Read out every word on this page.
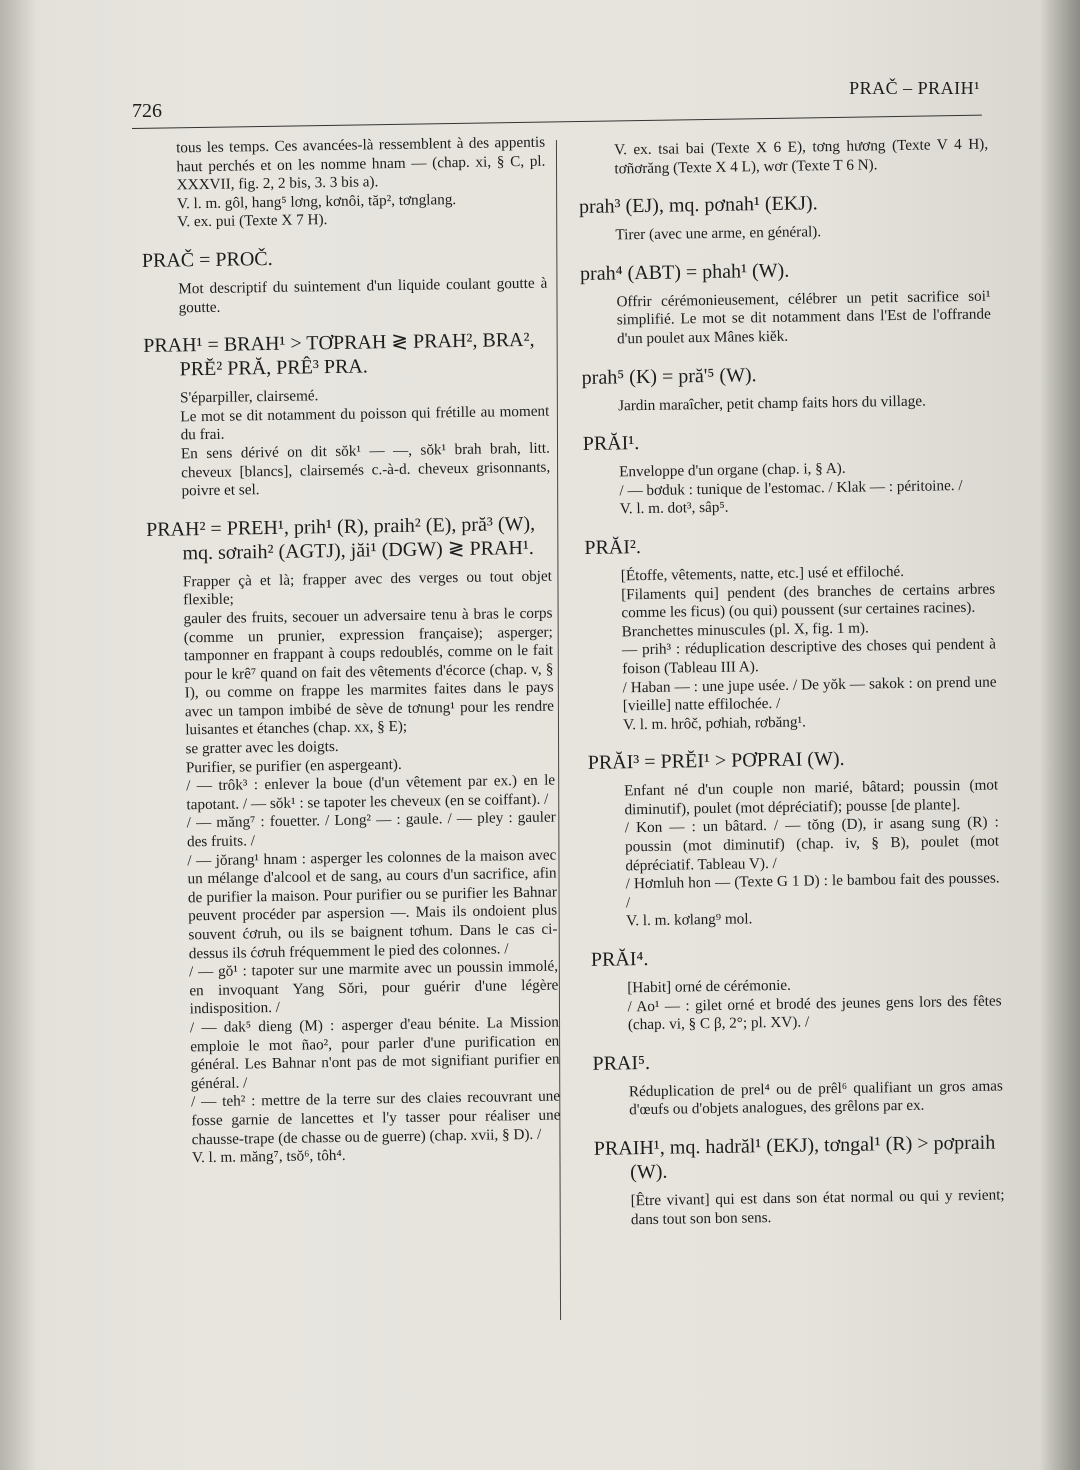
726
PRAČ – PRAIH¹

tous les temps. Ces avancées-là ressemblent à des appentis haut perchés et on les nomme hnam — (chap. xi, § C, pl. XXXVII, fig. 2, 2 bis, 3. 3 bis a).

V. l. m. gôl, hang⁵ lơng, kơnôi, tăp², tơnglang.

V. ex. pui (Texte X 7 H).

PRAČ = PROČ.

Mot descriptif du suintement d'un liquide coulant goutte à goutte.

PRAH¹ = BRAH¹ > TƠPRAH ≷ PRAH², BRA², PRĔ² PRĂ, PRÊ³ PRA.

S'éparpiller, clairsemé.

Le mot se dit notamment du poisson qui frétille au moment du frai.

En sens dérivé on dit sŏk¹ — —, sŏk¹ brah brah, litt. cheveux [blancs], clairsemés c.-à-d. cheveux grisonnants, poivre et sel.

PRAH² = PREH¹, prih¹ (R), praih² (E), pră³ (W), mq. sơraih² (AGTJ), jăi¹ (DGW) ≷ PRAH¹.

Frapper çà et là; frapper avec des verges ou tout objet flexible;

gauler des fruits, secouer un adversaire tenu à bras le corps (comme un prunier, expression française); asperger; tamponner en frappant à coups redoublés, comme on le fait pour le krê⁷ quand on fait des vêtements d'écorce (chap. v, § I), ou comme on frappe les marmites faites dans le pays avec un tampon imbibé de sève de tơnung¹ pour les rendre luisantes et étanches (chap. xx, § E);

se gratter avec les doigts.

Purifier, se purifier (en aspergeant).

/ — trôk³ : enlever la boue (d'un vêtement par ex.) en le tapotant. / — sŏk¹ : se tapoter les cheveux (en se coiffant). /

/ — măng⁷ : fouetter. / Long² — : gaule. / — pley : gauler des fruits. /

/ — jŏrang¹ hnam : asperger les colonnes de la maison avec un mélange d'alcool et de sang, au cours d'un sacrifice, afin de purifier la maison. Pour purifier ou se purifier les Bahnar peuvent procéder par aspersion —. Mais ils ondoient plus souvent ćơruh, ou ils se baignent tơhum. Dans le cas ci-dessus ils ćơruh fréquemment le pied des colonnes. /

/ — gŏ¹ : tapoter sur une marmite avec un poussin immolé, en invoquant Yang Sŏri, pour guérir d'une légère indisposition. /

/ — dak⁵ dieng (M) : asperger d'eau bénite. La Mission emploie le mot ñao², pour parler d'une purification en général. Les Bahnar n'ont pas de mot signifiant purifier en général. /

/ — teh² : mettre de la terre sur des claies recouvrant une fosse garnie de lancettes et l'y tasser pour réaliser une chausse-trape (de chasse ou de guerre) (chap. xvii, § D). /

V. l. m. măng⁷, tsŏ⁶, tôh⁴.

V. ex. tsai bai (Texte X 6 E), tơng hương (Texte V 4 H), tơñơrăng (Texte X 4 L), wơr (Texte T 6 N).

prah³ (EJ), mq. pơnah¹ (EKJ).

Tirer (avec une arme, en général).

prah⁴ (ABT) = phah¹ (W).

Offrir cérémonieusement, célébrer un petit sacrifice soi¹ simplifié. Le mot se dit notamment dans l'Est de l'offrande d'un poulet aux Mânes kiĕk.

prah⁵ (K) = pră'⁵ (W).

Jardin maraîcher, petit champ faits hors du village.

PRĂI¹.

Enveloppe d'un organe (chap. i, § A).

/ — bơduk : tunique de l'estomac. / Klak — : péritoine. /

V. l. m. dot³, sâp⁵.

PRĂI².

[Étoffe, vêtements, natte, etc.] usé et effiloché.

[Filaments qui] pendent (des branches de certains arbres comme les ficus) (ou qui) poussent (sur certaines racines).

Branchettes minuscules (pl. X, fig. 1 m).

— prih³ : réduplication descriptive des choses qui pendent à foison (Tableau III A).

/ Haban — : une jupe usée. / De yŏk — sakok : on prend une [vieille] natte effilochée. /

V. l. m. hrôč, pơhiah, rơbăng¹.

PRĂI³ = PRĔI¹ > PƠPRAI (W).

Enfant né d'un couple non marié, bâtard; poussin (mot diminutif), poulet (mot dépréciatif); pousse [de plante].

/ Kon — : un bâtard. / — tŏng (D), ir asang sung (R) : poussin (mot diminutif) (chap. iv, § B), poulet (mot dépréciatif. Tableau V). /

/ Hơmluh hon — (Texte G 1 D) : le bambou fait des pousses. /

V. l. m. kơlang⁹ mol.

PRĂI⁴.

[Habit] orné de cérémonie.

/ Ao¹ — : gilet orné et brodé des jeunes gens lors des fêtes (chap. vi, § C β, 2°; pl. XV). /

PRAI⁵.

Réduplication de prel⁴ ou de prêl⁶ qualifiant un gros amas d'œufs ou d'objets analogues, des grêlons par ex.

PRAIH¹, mq. hadrăl¹ (EKJ), tơngal¹ (R) > pơpraih (W).

[Être vivant] qui est dans son état normal ou qui y revient; dans tout son bon sens.
